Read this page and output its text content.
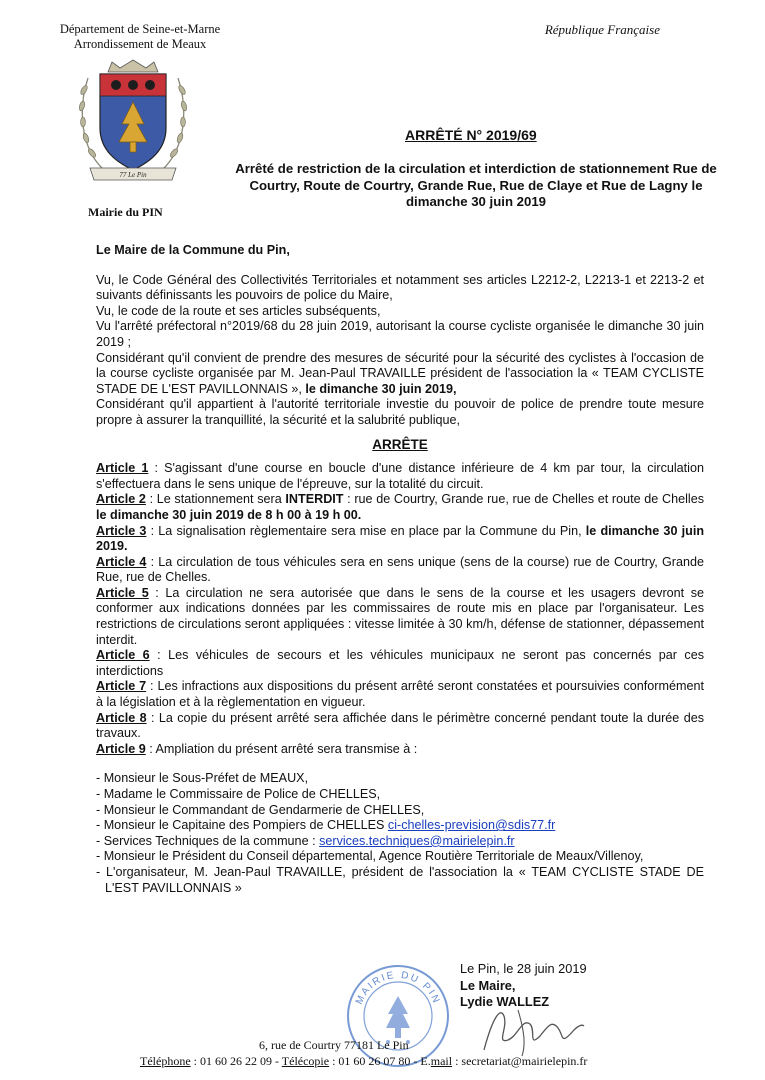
Département de Seine-et-Marne
Arrondissement de Meaux
République Française
77 Le Pin
Mairie du PIN
ARRÊTÉ N° 2019/69
Arrêté de restriction de la circulation et interdiction de stationnement Rue de Courtry, Route de Courtry, Grande Rue, Rue de Claye et Rue de Lagny le dimanche 30 juin 2019

Le Maire de la Commune du Pin,

Vu, le Code Général des Collectivités Territoriales et notamment ses articles L2212-2, L2213-1 et 2213-2 et suivants définissants les pouvoirs de police du Maire,

Vu, le code de la route et ses articles subséquents,

Vu l'arrêté préfectoral n°2019/68 du 28 juin 2019, autorisant la course cycliste organisée le dimanche 30 juin 2019 ;

Considérant qu'il convient de prendre des mesures de sécurité pour la sécurité des cyclistes à l'occasion de la course cycliste organisée par M. Jean-Paul TRAVAILLE président de l'association la « TEAM CYCLISTE STADE DE L'EST PAVILLONNAIS », le dimanche 30 juin 2019,

Considérant qu'il appartient à l'autorité territoriale investie du pouvoir de police de prendre toute mesure propre à assurer la tranquillité, la sécurité et la salubrité publique,

ARRÊTE

Article 1 : S'agissant d'une course en boucle d'une distance inférieure de 4 km par tour, la circulation s'effectuera dans le sens unique de l'épreuve, sur la totalité du circuit.

Article 2 : Le stationnement sera INTERDIT : rue de Courtry, Grande rue, rue de Chelles et route de Chelles le dimanche 30 juin 2019 de 8 h 00 à 19 h 00.

Article 3 : La signalisation règlementaire sera mise en place par la Commune du Pin, le dimanche 30 juin 2019.

Article 4 : La circulation de tous véhicules sera en sens unique (sens de la course) rue de Courtry, Grande Rue, rue de Chelles.

Article 5 : La circulation ne sera autorisée que dans le sens de la course et les usagers devront se conformer aux indications données par les commissaires de route mis en place par l'organisateur. Les restrictions de circulations seront appliquées : vitesse limitée à 30 km/h, défense de stationner, dépassement interdit.

Article 6 : Les véhicules de secours et les véhicules municipaux ne seront pas concernés par ces interdictions

Article 7 : Les infractions aux dispositions du présent arrêté seront constatées et poursuivies conformément à la législation et à la règlementation en vigueur.

Article 8 : La copie du présent arrêté sera affichée dans le périmètre concerné pendant toute la durée des travaux.

Article 9 : Ampliation du présent arrêté sera transmise à :

- Monsieur le Sous-Préfet de MEAUX,
- Madame le Commissaire de Police de CHELLES,
- Monsieur le Commandant de Gendarmerie de CHELLES,
- Monsieur le Capitaine des Pompiers de CHELLES ci-chelles-prevision@sdis77.fr
- Services Techniques de la commune : services.techniques@mairielepin.fr
- Monsieur le Président du Conseil départemental, Agence Routière Territoriale de Meaux/Villenoy,
- L'organisateur, M. Jean-Paul TRAVAILLE, président de l'association la « TEAM CYCLISTE STADE DE L'EST PAVILLONNAIS »
MAIRIE DU PIN
Le Pin, le 28 juin 2019
Le Maire,
Lydie WALLEZ
6, rue de Courtry 77181 Le Pin
Téléphone : 01 60 26 22 09 - Télécopie : 01 60 26 07 80 - E.mail : secretariat@mairielepin.fr
